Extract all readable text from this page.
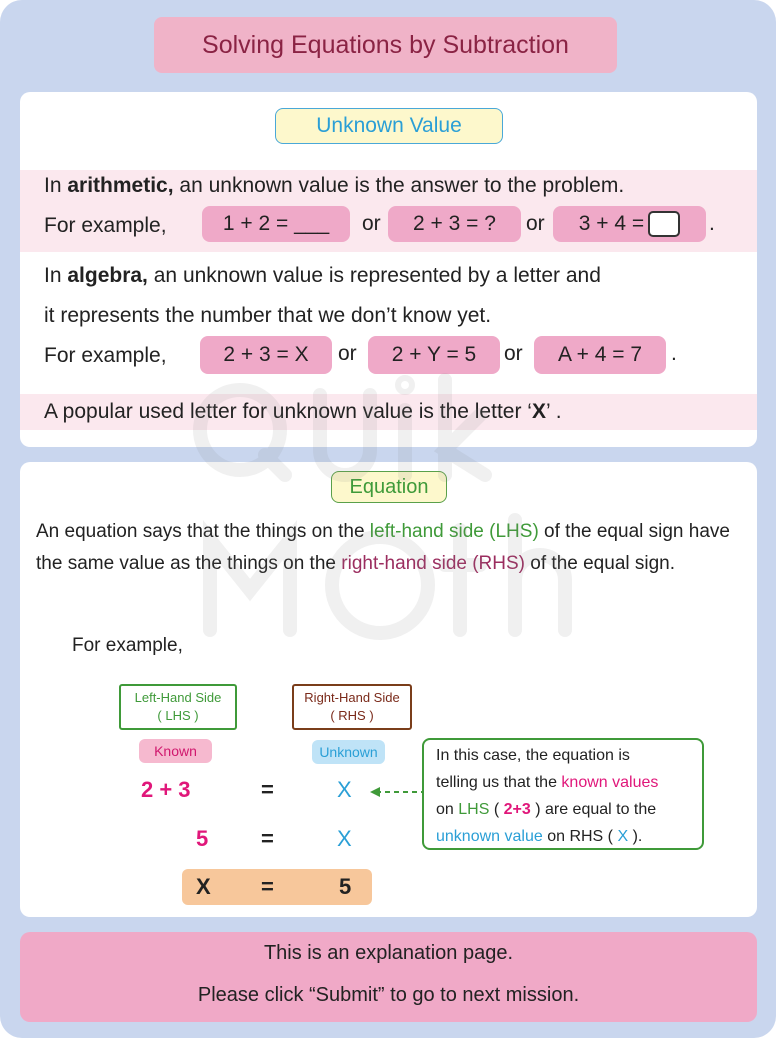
Solving Equations by Subtraction
Unknown Value
In arithmetic, an unknown value is the answer to the problem.
For example,	1 + 2 = ___	or	2 + 3 = ?	or 3 + 4 =	.
In algebra, an unknown value is represented by a letter and
it represents the number that we don’t know yet.
For example,	2 + 3 = X	or	2 + Y = 5	or	A + 4 = 7	.
A popular used letter for unknown value is the letter ‘X’ .
Equation
An equation says that the things on the left-hand side (LHS) of the equal sign have the same value as the things on the right-hand side (RHS) of the equal sign.
For example,
Left-Hand Side
( LHS )
Right-Hand Side
( RHS )
Known	Unknown
2 + 3	=	X
5 =	X
X =	5
In this case, the equation is
telling us that the known values
on LHS ( 2+3 ) are equal to the
unknown value on RHS ( X ).
This is an explanation page.
Please click “Submit” to go to next mission.
